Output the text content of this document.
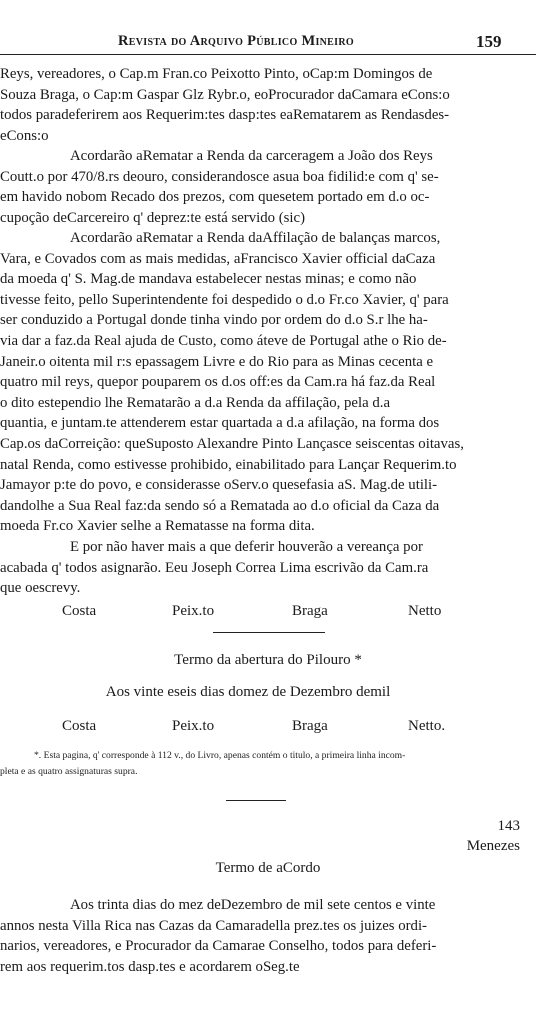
Revista do Arquivo Público Mineiro	159
Reys, vereadores, o Cap.m Fran.co Peixotto Pinto, oCap:m Domingos de
Souza Braga, o Cap:m Gaspar Glz Rybr.o, eoProcurador daCamara eCons:o
todos paradeferirem aos Requerim:tes dasp:tes eaRematarem as Rendasdes-
eCons:o
Acordarão aRematar a Renda da carceragem a João dos Reys
Coutt.o por 470/8.rs deouro, considerandosce asua boa fidilid:e com q' se-
em havido nobom Recado dos prezos, com quesetem portado em d.o oc-
cupoção deCarcereiro q' deprez:te está servido (sic)
Acordarão aRematar a Renda daAffilação de balanças marcos,
Vara, e Covados com as mais medidas, aFrancisco Xavier official daCaza
da moeda q' S. Mag.de mandava estabelecer nestas minas; e como não
tivesse feito, pello Superintendente foi despedido o d.o Fr.co Xavier, q' para
ser conduzido a Portugal donde tinha vindo por ordem do d.o S.r lhe ha-
via dar a faz.da Real ajuda de Custo, como áteve de Portugal athe o Rio de-
Janeir.o oitenta mil r:s epassagem Livre e do Rio para as Minas cecenta e
quatro mil reys, quepor pouparem os d.os off:es da Cam.ra há faz.da Real
o dito estependio lhe Rematarão a d.a Renda da affilação, pela d.a
quantia, e juntam.te attenderem estar quartada a d.a afilação, na forma dos
Cap.os daCorreição: queSuposto Alexandre Pinto Lançasce seiscentas oitavas,
natal Renda, como estivesse prohibido, einabilitado para Lançar Requerim.to
Jamayor p:te do povo, e considerasse oServ.o quesefasia aS. Mag.de utili-
dandolhe a Sua Real faz:da sendo só a Rematada ao d.o oficial da Caza da
moeda Fr.co Xavier selhe a Rematasse na forma dita.
E por não haver mais a que deferir houverão a vereança por
acabada q' todos asignarão. Eeu Joseph Correa Lima escrivão da Cam.ra
que oescrevy.
Costa	Peix.to	Braga	Netto
Termo da abertura do Pilouro *
Aos vinte eseis dias domez de Dezembro demil
Costa	Peix.to	Braga	Netto.
*. Esta pagina, q' corresponde à 112 v., do Livro, apenas contém o titulo, a primeira linha incom-
pleta e as quatro assignaturas supra.
143
Menezes
Termo de aCordo
Aos trinta dias do mez deDezembro de mil sete centos e vinte
annos nesta Villa Rica nas Cazas da Camaradella prez.tes os juizes ordi-
narios, vereadores, e Procurador da Camarae Conselho, todos para deferi-
rem aos requerim.tos dasp.tes e acordarem oSeg.te
